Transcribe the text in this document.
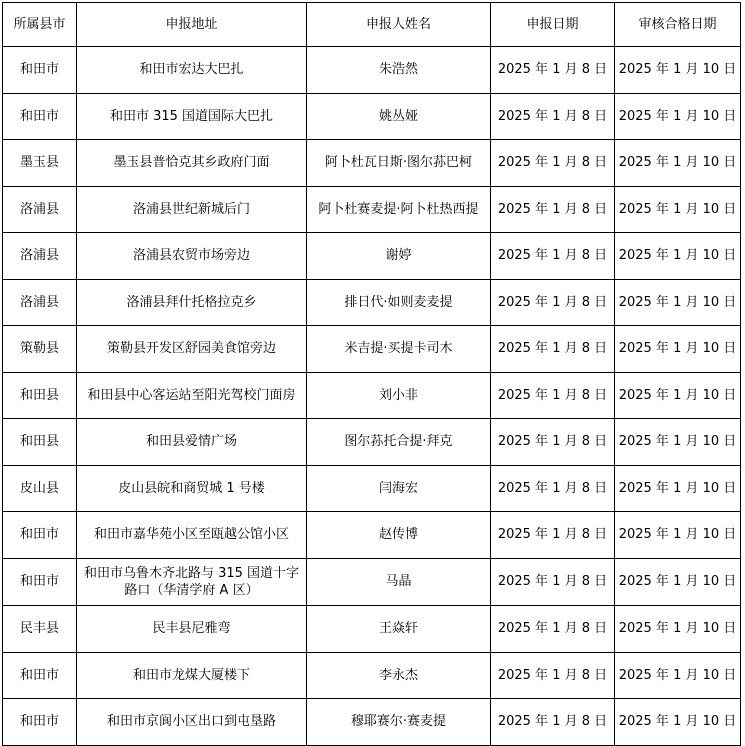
所属县市	申报地址	申报人姓名	申报日期	审核合格日期
和田市	和田市宏达大巴扎	朱浩然	2025 年 1 月 8 日	2025 年 1 月 10 日
和田市	和田市 315 国道国际大巴扎	姚丛娅	2025 年 1 月 8 日	2025 年 1 月 10 日
墨玉县	墨玉县普恰克其乡政府门面	阿卜杜瓦日斯·图尔荪巴柯	2025 年 1 月 8 日	2025 年 1 月 10 日
洛浦县	洛浦县世纪新城后门	阿卜杜赛麦提·阿卜杜热西提	2025 年 1 月 8 日	2025 年 1 月 10 日
洛浦县	洛浦县农贸市场旁边	谢婷	2025 年 1 月 8 日	2025 年 1 月 10 日
洛浦县	洛浦县拜什托格拉克乡	排日代·如则麦麦提	2025 年 1 月 8 日	2025 年 1 月 10 日
策勒县	策勒县开发区舒园美食馆旁边	米吉提·买提卡司木	2025 年 1 月 8 日	2025 年 1 月 10 日
和田县	和田县中心客运站至阳光驾校门面房	刘小非	2025 年 1 月 8 日	2025 年 1 月 10 日
和田县	和田县爱情广场	图尔荪托合提·拜克	2025 年 1 月 8 日	2025 年 1 月 10 日
皮山县	皮山县皖和商贸城 1 号楼	闫海宏	2025 年 1 月 8 日	2025 年 1 月 10 日
和田市	和田市嘉华苑小区至瓯越公馆小区	赵传博	2025 年 1 月 8 日	2025 年 1 月 10 日
和田市	和田市乌鲁木齐北路与 315 国道十字路口（华清学府 A 区）	马晶	2025 年 1 月 8 日	2025 年 1 月 10 日
民丰县	民丰县尼雅弯	王焱轩	2025 年 1 月 8 日	2025 年 1 月 10 日
和田市	和田市龙煤大厦楼下	李永杰	2025 年 1 月 8 日	2025 年 1 月 10 日
和田市	和田市京阆小区出口到屯垦路	穆耶赛尔·赛麦提	2025 年 1 月 8 日	2025 年 1 月 10 日
